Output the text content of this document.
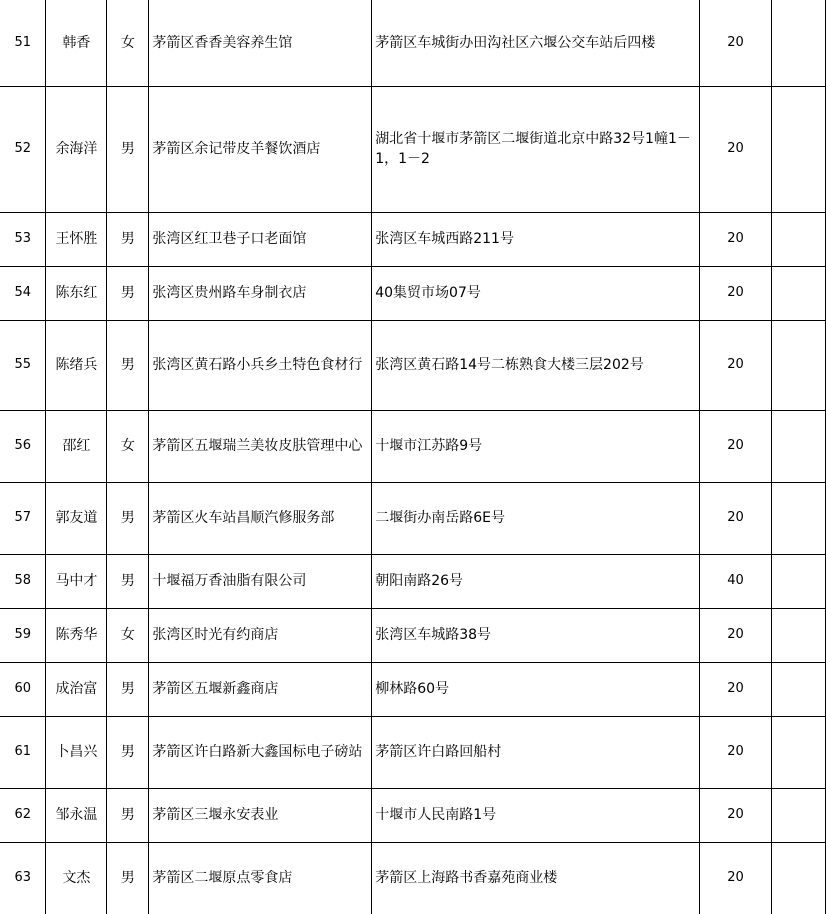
51	韩香	女	茅箭区香香美容养生馆	茅箭区车城街办田沟社区六堰公交车站后四楼	20	
52	余海洋	男	茅箭区余记带皮羊餐饮酒店	湖北省十堰市茅箭区二堰街道北京中路32号1幢1－1，1－2	20	
53	王怀胜	男	张湾区红卫巷子口老面馆	张湾区车城西路211号	20	
54	陈东红	男	张湾区贵州路车身制衣店	40集贸市场07号	20	
55	陈绪兵	男	张湾区黄石路小兵乡土特色食材行	张湾区黄石路14号二栋熟食大楼三层202号	20	
56	邵红	女	茅箭区五堰瑞兰美妆皮肤管理中心	十堰市江苏路9号	20	
57	郭友道	男	茅箭区火车站昌顺汽修服务部	二堰街办南岳路6E号	20	
58	马中才	男	十堰福万香油脂有限公司	朝阳南路26号	40	
59	陈秀华	女	张湾区时光有约商店	张湾区车城路38号	20	
60	成治富	男	茅箭区五堰新鑫商店	柳林路60号	20	
61	卜昌兴	男	茅箭区许白路新大鑫国标电子磅站	茅箭区许白路回船村	20	
62	邹永温	男	茅箭区三堰永安表业	十堰市人民南路1号	20	
63	文杰	男	茅箭区二堰原点零食店	茅箭区上海路书香嘉苑商业楼	20	
